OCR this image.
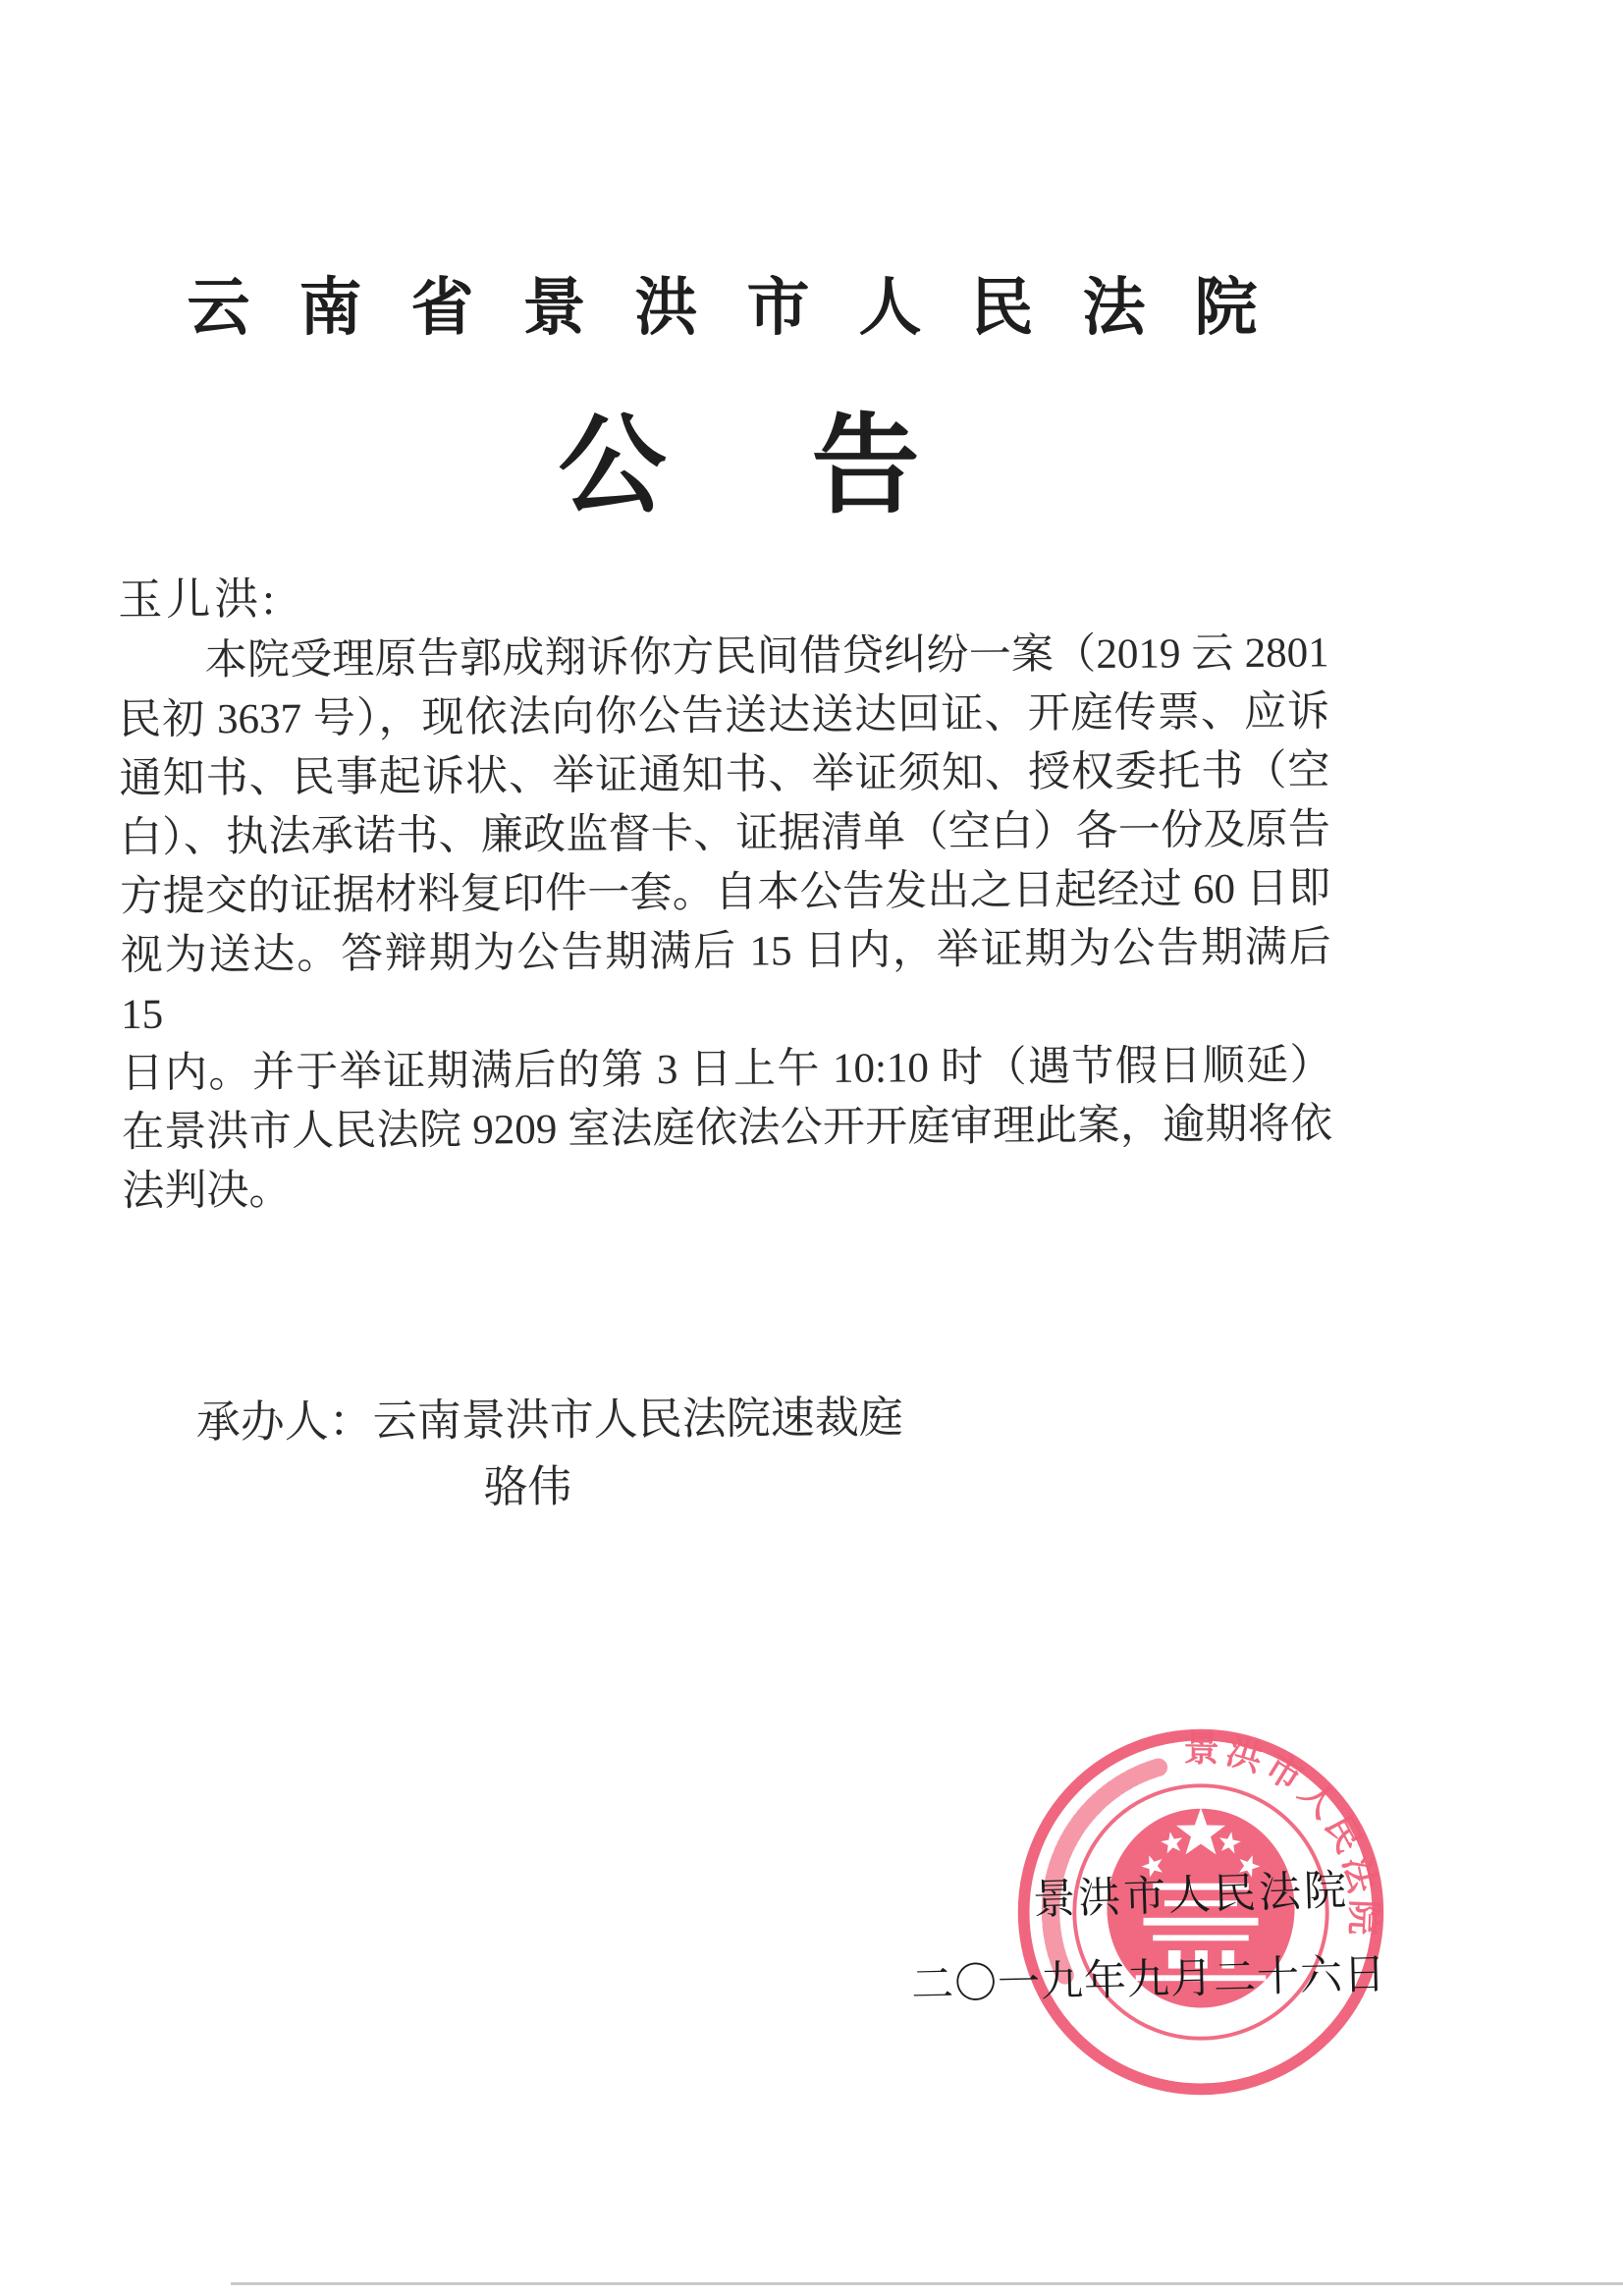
云南省景洪市人民法院
公告
玉儿洪:
本院受理原告郭成翔诉你方民间借贷纠纷一案（2019 云 2801
民初 3637 号），现依法向你公告送达送达回证、开庭传票、应诉
通知书、民事起诉状、举证通知书、举证须知、授权委托书（空
白）、执法承诺书、廉政监督卡、证据清单（空白）各一份及原告
方提交的证据材料复印件一套。自本公告发出之日起经过 60 日即
视为送达。答辩期为公告期满后 15 日内，举证期为公告期满后 15
日内。并于举证期满后的第 3 日上午 10:10 时（遇节假日顺延）
在景洪市人民法院 9209 室法庭依法公开开庭审理此案，逾期将依
法判决。
承办人：云南景洪市人民法院速裁庭
骆伟
景洪市人民法院
景洪市人民法院
二〇一九年九月二十六日
